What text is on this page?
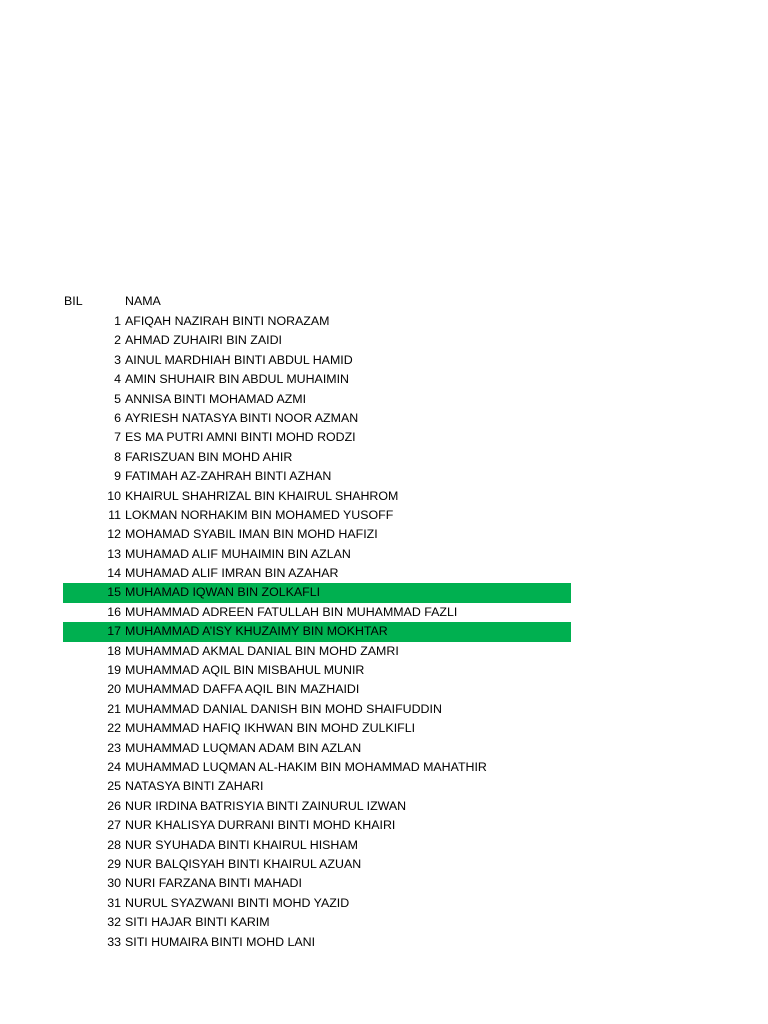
BIL	NAMA
1 AFIQAH NAZIRAH BINTI NORAZAM
2 AHMAD ZUHAIRI BIN ZAIDI
3 AINUL MARDHIAH BINTI ABDUL HAMID
4 AMIN SHUHAIR BIN ABDUL MUHAIMIN
5 ANNISA BINTI MOHAMAD AZMI
6 AYRIESH NATASYA BINTI NOOR AZMAN
7 ES MA PUTRI AMNI BINTI MOHD RODZI
8 FARISZUAN BIN MOHD AHIR
9 FATIMAH AZ-ZAHRAH BINTI AZHAN
10 KHAIRUL SHAHRIZAL BIN KHAIRUL SHAHROM
11 LOKMAN NORHAKIM BIN MOHAMED YUSOFF
12 MOHAMAD SYABIL IMAN BIN MOHD HAFIZI
13 MUHAMAD ALIF MUHAIMIN BIN AZLAN
14 MUHAMAD ALIF IMRAN BIN AZAHAR
15 MUHAMAD IQWAN BIN ZOLKAFLI
16 MUHAMMAD ADREEN FATULLAH BIN MUHAMMAD FAZLI
17 MUHAMMAD A’ISY KHUZAIMY BIN MOKHTAR
18 MUHAMMAD AKMAL DANIAL BIN MOHD ZAMRI
19 MUHAMMAD AQIL BIN MISBAHUL MUNIR
20 MUHAMMAD DAFFA AQIL BIN MAZHAIDI
21 MUHAMMAD DANIAL DANISH BIN MOHD SHAIFUDDIN
22 MUHAMMAD HAFIQ IKHWAN BIN MOHD ZULKIFLI
23 MUHAMMAD LUQMAN ADAM BIN AZLAN
24 MUHAMMAD LUQMAN AL-HAKIM BIN MOHAMMAD MAHATHIR
25 NATASYA BINTI ZAHARI
26 NUR IRDINA BATRISYIA BINTI ZAINURUL IZWAN
27 NUR KHALISYA DURRANI BINTI MOHD KHAIRI
28 NUR SYUHADA BINTI KHAIRUL HISHAM
29 NUR BALQISYAH BINTI KHAIRUL AZUAN
30 NURI FARZANA BINTI MAHADI
31 NURUL SYAZWANI BINTI MOHD YAZID
32 SITI HAJAR BINTI KARIM
33 SITI HUMAIRA BINTI MOHD LANI
